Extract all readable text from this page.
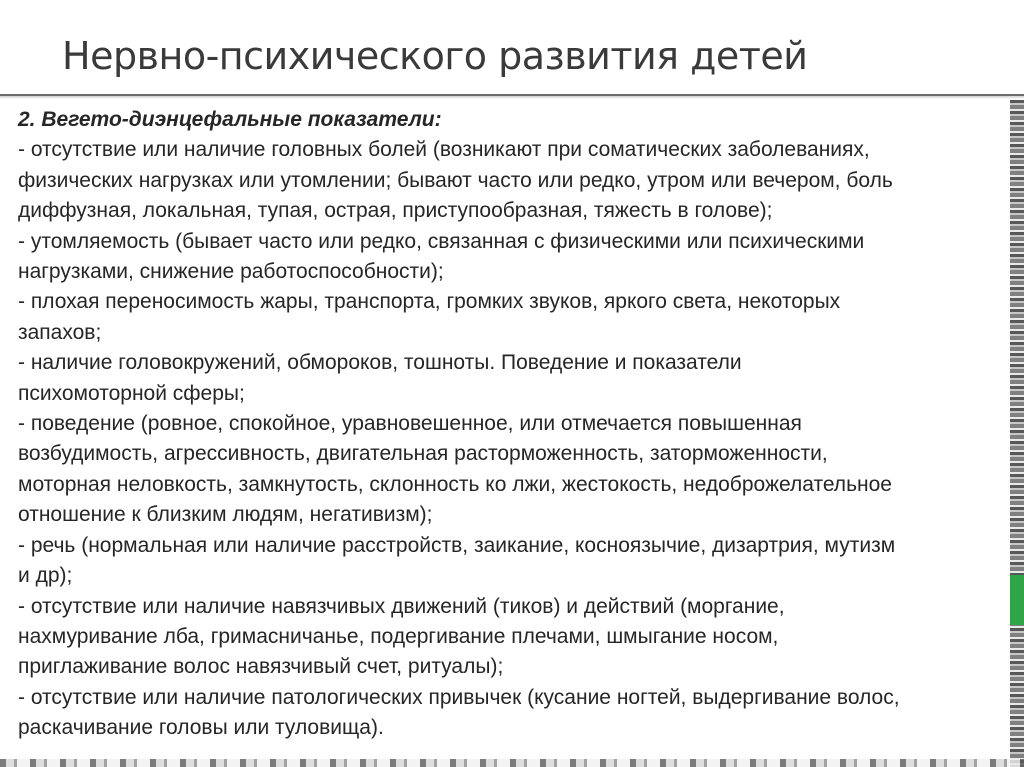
Нервно-психического развития детей
2. Вегето-диэнцефальные показатели:
- отсутствие или наличие головных болей (возникают при соматических заболеваниях,
физических нагрузках или утомлении; бывают часто или редко, утром или вечером, боль
диффузная, локальная, тупая, острая, приступообразная, тяжесть в голове);
- утомляемость (бывает часто или редко, связанная с физическими или психическими
нагрузками, снижение работоспособности);
- плохая переносимость жары, транспорта, громких звуков, яркого света, некоторых
запахов;
- наличие головокружений, обмороков, тошноты. Поведение и показатели
психомоторной сферы;
- поведение (ровное, спокойное, уравновешенное, или отмечается повышенная
возбудимость, агрессивность, двигательная расторможенность, заторможенности,
моторная неловкость, замкнутость, склонность ко лжи, жестокость, недоброжелательное
отношение к близким людям, негативизм);
- речь (нормальная или наличие расстройств, заикание, косноязычие, дизартрия, мутизм
и др);
- отсутствие или наличие навязчивых движений (тиков) и действий (моргание,
нахмуривание лба, гримасничанье, подергивание плечами, шмыгание носом,
приглаживание волос навязчивый счет, ритуалы);
- отсутствие или наличие патологических привычек (кусание ногтей, выдергивание волос,
раскачивание головы или туловища).
